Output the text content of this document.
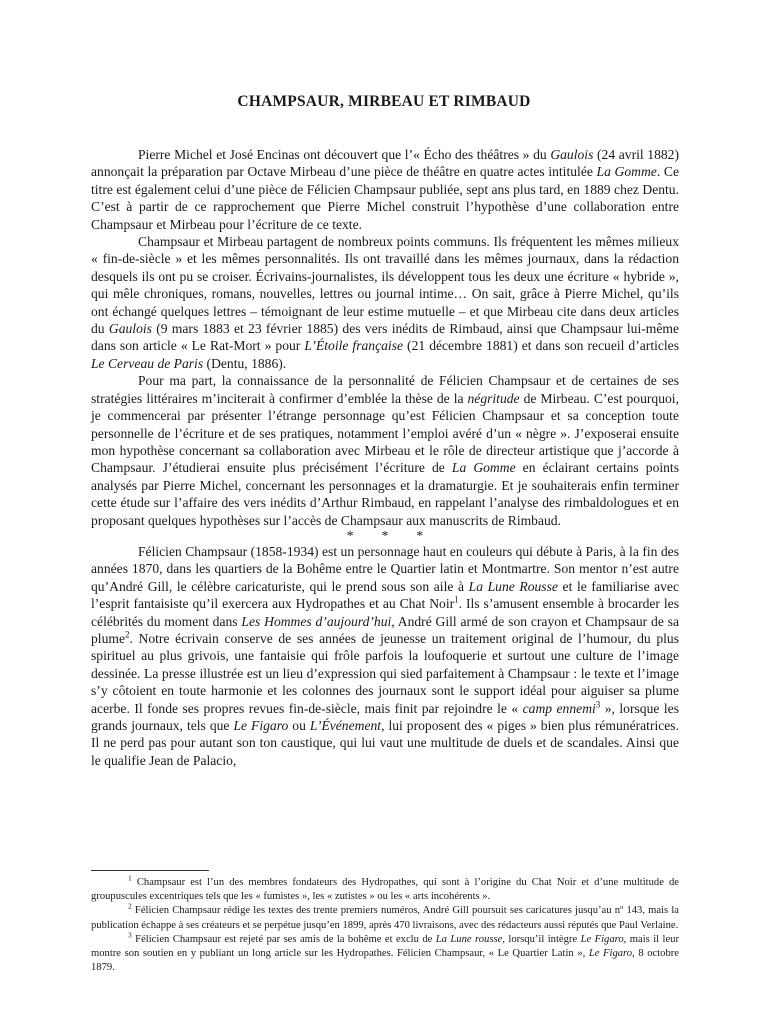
CHAMPSAUR, MIRBEAU ET RIMBAUD

Pierre Michel et José Encinas ont découvert que l’« Écho des théâtres » du Gaulois (24 avril 1882) annonçait la préparation par Octave Mirbeau d’une pièce de théâtre en quatre actes intitulée La Gomme. Ce titre est également celui d’une pièce de Félicien Champsaur publiée, sept ans plus tard, en 1889 chez Dentu. C’est à partir de ce rapprochement que Pierre Michel construit l’hypothèse d’une collaboration entre Champsaur et Mirbeau pour l’écriture de ce texte.

Champsaur et Mirbeau partagent de nombreux points communs. Ils fréquentent les mêmes milieux « fin-de-siècle » et les mêmes personnalités. Ils ont travaillé dans les mêmes journaux, dans la rédaction desquels ils ont pu se croiser. Écrivains-journalistes, ils développent tous les deux une écriture « hybride », qui mêle chroniques, romans, nouvelles, lettres ou journal intime… On sait, grâce à Pierre Michel, qu’ils ont échangé quelques lettres – témoignant de leur estime mutuelle – et que Mirbeau cite dans deux articles du Gaulois (9 mars 1883 et 23 février 1885) des vers inédits de Rimbaud, ainsi que Champsaur lui-même dans son article « Le Rat-Mort » pour L’Étoile française (21 décembre 1881) et dans son recueil d’articles Le Cerveau de Paris (Dentu, 1886).

Pour ma part, la connaissance de la personnalité de Félicien Champsaur et de certaines de ses stratégies littéraires m’inciterait à confirmer d’emblée la thèse de la négritude de Mirbeau. C’est pourquoi, je commencerai par présenter l’étrange personnage qu’est Félicien Champsaur et sa conception toute personnelle de l’écriture et de ses pratiques, notamment l’emploi avéré d’un « nègre ». J’exposerai ensuite mon hypothèse concernant sa collaboration avec Mirbeau et le rôle de directeur artistique que j’accorde à Champsaur. J’étudierai ensuite plus précisément l’écriture de La Gomme en éclairant certains points analysés par Pierre Michel, concernant les personnages et la dramaturgie. Et je souhaiterais enfin terminer cette étude sur l’affaire des vers inédits d’Arthur Rimbaud, en rappelant l’analyse des rimbaldologues et en proposant quelques hypothèses sur l’accès de Champsaur aux manuscrits de Rimbaud.

* * *

Félicien Champsaur (1858-1934) est un personnage haut en couleurs qui débute à Paris, à la fin des années 1870, dans les quartiers de la Bohême entre le Quartier latin et Montmartre. Son mentor n’est autre qu’André Gill, le célèbre caricaturiste, qui le prend sous son aile à La Lune Rousse et le familiarise avec l’esprit fantaisiste qu’il exercera aux Hydropathes et au Chat Noir$^1$. Ils s’amusent ensemble à brocarder les célébrités du moment dans Les Hommes d’aujourd’hui, André Gill armé de son crayon et Champsaur de sa plume$^2$. Notre écrivain conserve de ses années de jeunesse un traitement original de l’humour, du plus spirituel au plus grivois, une fantaisie qui frôle parfois la loufoquerie et surtout une culture de l’image dessinée. La presse illustrée est un lieu d’expression qui sied parfaitement à Champsaur : le texte et l’image s’y côtoient en toute harmonie et les colonnes des journaux sont le support idéal pour aiguiser sa plume acerbe. Il fonde ses propres revues fin-de-siècle, mais finit par rejoindre le « camp ennemi$^3$ », lorsque les grands journaux, tels que Le Figaro ou L’Événement, lui proposent des « piges » bien plus rémunératrices. Il ne perd pas pour autant son ton caustique, qui lui vaut une multitude de duels et de scandales. Ainsi que le qualifie Jean de Palacio,

$^1$ Champsaur est l’un des membres fondateurs des Hydropathes, qui sont à l’origine du Chat Noir et d’une multitude de groupuscules excentriques tels que les « fumistes », les « zutistes » ou les « arts incohérents ».

$^2$ Félicien Champsaur rédige les textes des trente premiers numéros, André Gill poursuit ses caricatures jusqu’au nº 143, mais la publication échappe à ses créateurs et se perpétue jusqu’en 1899, après 470 livraisons, avec des rédacteurs aussi réputés que Paul Verlaine.

$^3$ Félicien Champsaur est rejeté par ses amis de la bohême et exclu de La Lune rousse, lorsqu’il intègre Le Figaro, mais il leur montre son soutien en y publiant un long article sur les Hydropathes. Félicien Champsaur, « Le Quartier Latin », Le Figaro, 8 octobre 1879.
